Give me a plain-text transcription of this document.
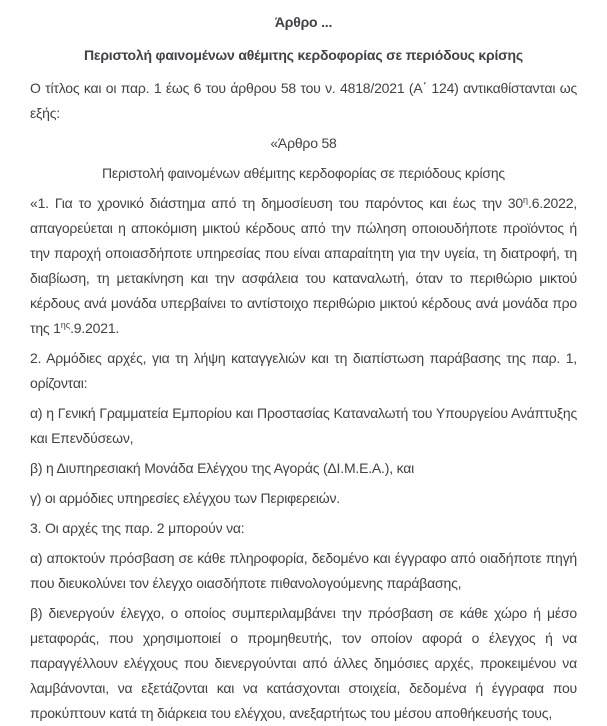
Άρθρο ...
Περιστολή φαινομένων αθέμιτης κερδοφορίας σε περιόδους κρίσης

Ο τίτλος και οι παρ. 1 έως 6 του άρθρου 58 του ν. 4818/2021 (Α΄ 124) αντικαθίστανται ως εξής:

«Άρθρο 58

Περιστολή φαινομένων αθέμιτης κερδοφορίας σε περιόδους κρίσης

«1. Για το χρονικό διάστημα από τη δημοσίευση του παρόντος και έως την $30^\eta.6.2022$, απαγορεύεται η αποκόμιση μικτού κέρδους από την πώληση οποιουδήποτε προϊόντος ή την παροχή οποιασδήποτε υπηρεσίας που είναι απαραίτητη για την υγεία, τη διατροφή, τη διαβίωση, τη μετακίνηση και την ασφάλεια του καταναλωτή, όταν το περιθώριο μικτού κέρδους ανά μονάδα υπερβαίνει το αντίστοιχο περιθώριο μικτού κέρδους ανά μονάδα προ της $1^{\eta\varsigma}.9.2021$.

2. Αρμόδιες αρχές, για τη λήψη καταγγελιών και τη διαπίστωση παράβασης της παρ. 1, ορίζονται:

α) η Γενική Γραμματεία Εμπορίου και Προστασίας Καταναλωτή του Υπουργείου Ανάπτυξης και Επενδύσεων,

β) η Διυπηρεσιακή Μονάδα Ελέγχου της Αγοράς (ΔΙ.Μ.Ε.Α.), και

γ) οι αρμόδιες υπηρεσίες ελέγχου των Περιφερειών.

3. Οι αρχές της παρ. 2 μπορούν να:

α) αποκτούν πρόσβαση σε κάθε πληροφορία, δεδομένο και έγγραφο από οιαδήποτε πηγή που διευκολύνει τον έλεγχο οιασδήποτε πιθανολογούμενης παράβασης,

β) διενεργούν έλεγχο, ο οποίος συμπεριλαμβάνει την πρόσβαση σε κάθε χώρο ή μέσο μεταφοράς, που χρησιμοποιεί ο προμηθευτής, τον οποίον αφορά ο έλεγχος ή να παραγγέλλουν ελέγχους που διενεργούνται από άλλες δημόσιες αρχές, προκειμένου να λαμβάνονται, να εξετάζονται και να κατάσχονται στοιχεία, δεδομένα ή έγγραφα που προκύπτουν κατά τη διάρκεια του ελέγχου, ανεξαρτήτως του μέσου αποθήκευσής τους,
